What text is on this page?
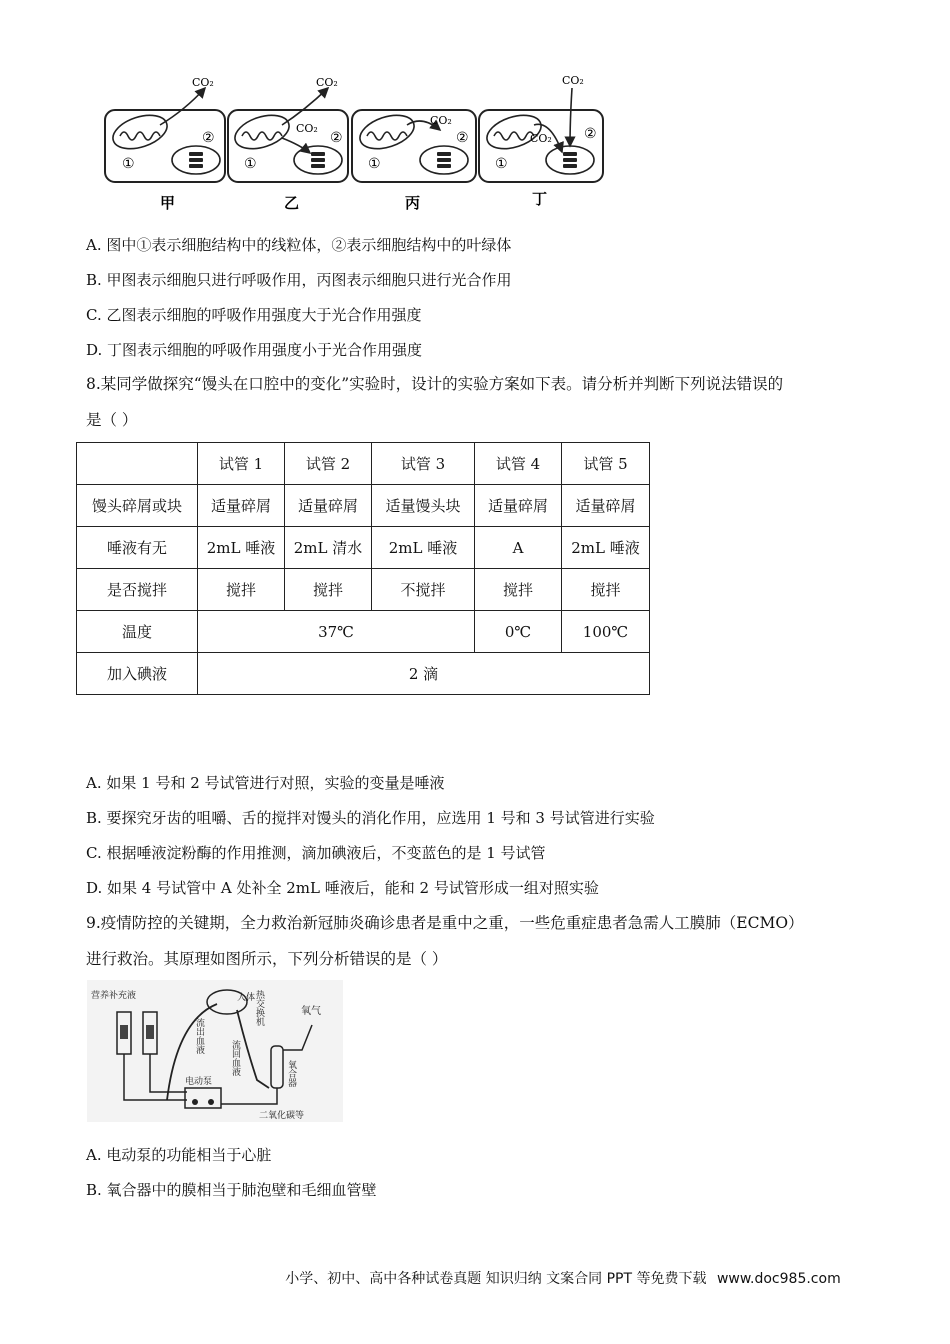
CO₂	CO₂
CO₂
CO₂
CO₂
CO₂
①
②
①
②
①
②
①
②
甲	乙	丙	丁
A. 图中①表示细胞结构中的线粒体，②表示细胞结构中的叶绿体
B. 甲图表示细胞只进行呼吸作用，丙图表示细胞只进行光合作用
C. 乙图表示细胞的呼吸作用强度大于光合作用强度
D. 丁图表示细胞的呼吸作用强度小于光合作用强度
8.某同学做探究“馒头在口腔中的变化”实验时，设计的实验方案如下表。请分析并判断下列说法错误的
是（ ）
	试管 1	试管 2	试管 3	试管 4	试管 5
馒头碎屑或块	适量碎屑	适量碎屑	适量馒头块	适量碎屑	适量碎屑
唾液有无	2mL 唾液	2mL 清水	2mL 唾液	A	2mL 唾液
是否搅拌	搅拌	搅拌	不搅拌	搅拌	搅拌
温度	37℃			0℃	100℃
加入碘液	2 滴				
A. 如果 1 号和 2 号试管进行对照，实验的变量是唾液
B. 要探究牙齿的咀嚼、舌的搅拌对馒头的消化作用，应选用 1 号和 3 号试管进行实验
C. 根据唾液淀粉酶的作用推测，滴加碘液后，不变蓝色的是 1 号试管
D. 如果 4 号试管中 A 处补全 2mL 唾液后，能和 2 号试管形成一组对照实验
9.疫情防控的关键期，全力救治新冠肺炎确诊患者是重中之重，一些危重症患者急需人工膜肺（ECMO）
进行救治。其原理如图所示，下列分析错误的是（ ）
营养补充液
流出血液
人体
热交换机
流回血液
氧气
氧合器
电动泵
二氧化碳等
A. 电动泵的功能相当于心脏
B. 氧合器中的膜相当于肺泡壁和毛细血管壁
小学、初中、高中各种试卷真题 知识归纳 文案合同 PPT 等免费下载 www.doc985.com
